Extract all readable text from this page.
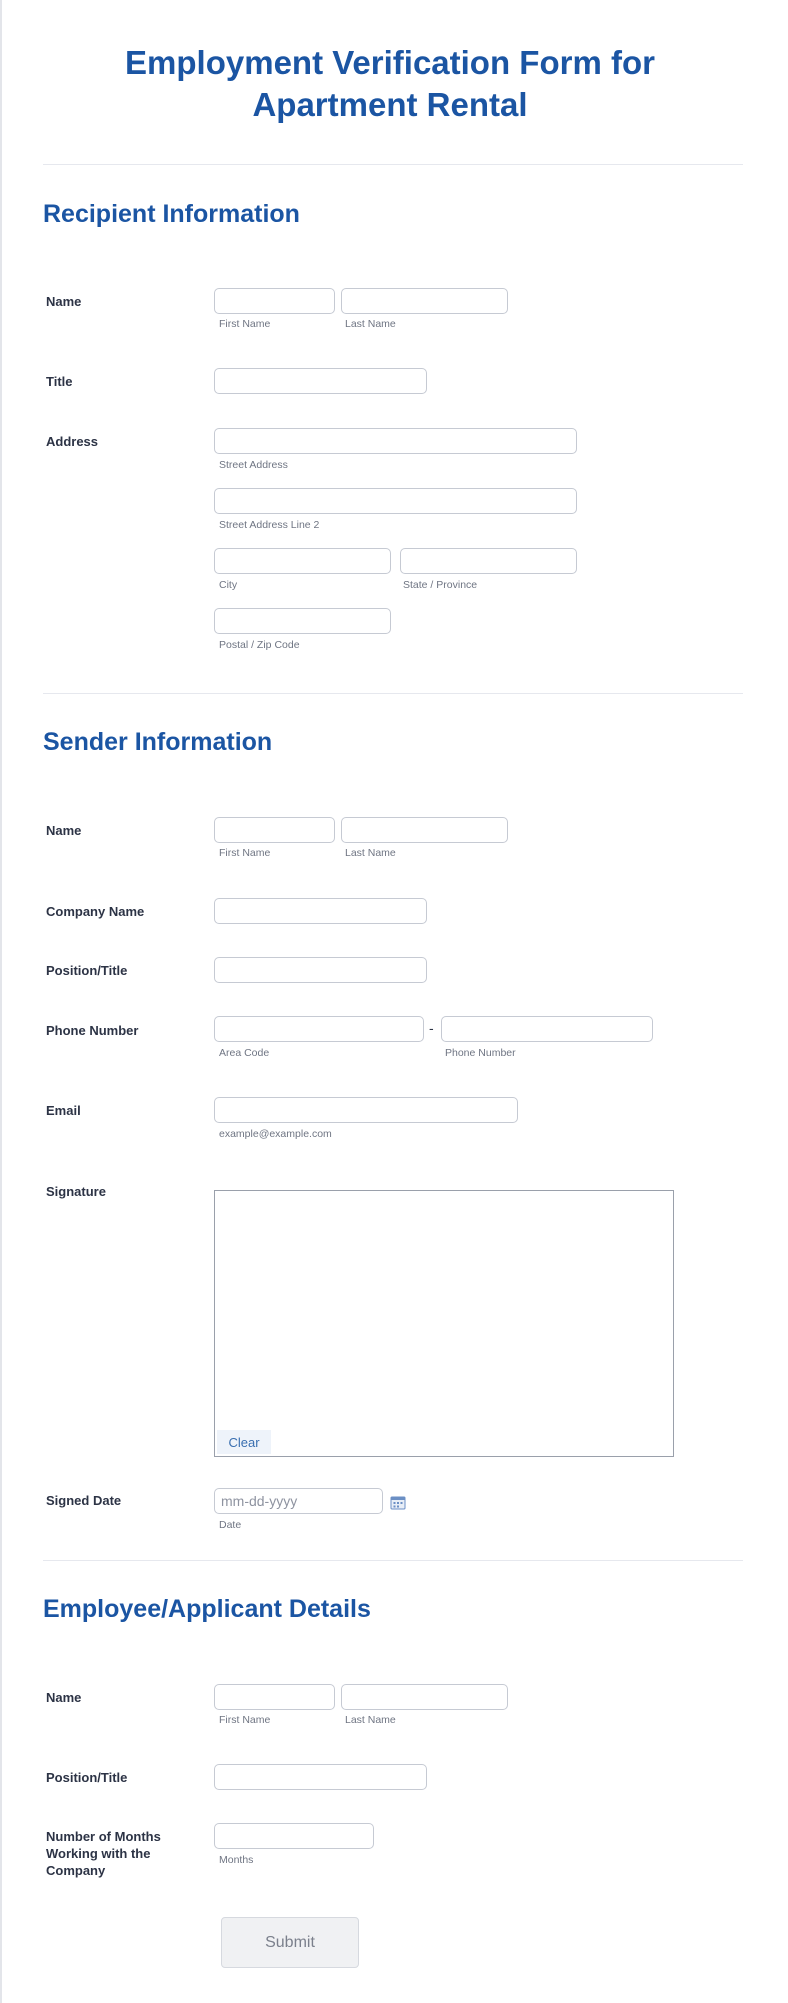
Employment Verification Form for Apartment Rental
Recipient Information
Name
First Name	Last Name
Title
Address
Street Address
Street Address Line 2
City	State / Province
Postal / Zip Code
Sender Information
Name
First Name	Last Name
Company Name
Position/Title
Phone Number	-
Area Code	Phone Number
Email
example@example.com
Signature
Clear
Signed Date
mm-dd-yyyy
Date
Employee/Applicant Details
Name
First Name	Last Name
Position/Title
Number of Months Working with the Company
Months
Submit
